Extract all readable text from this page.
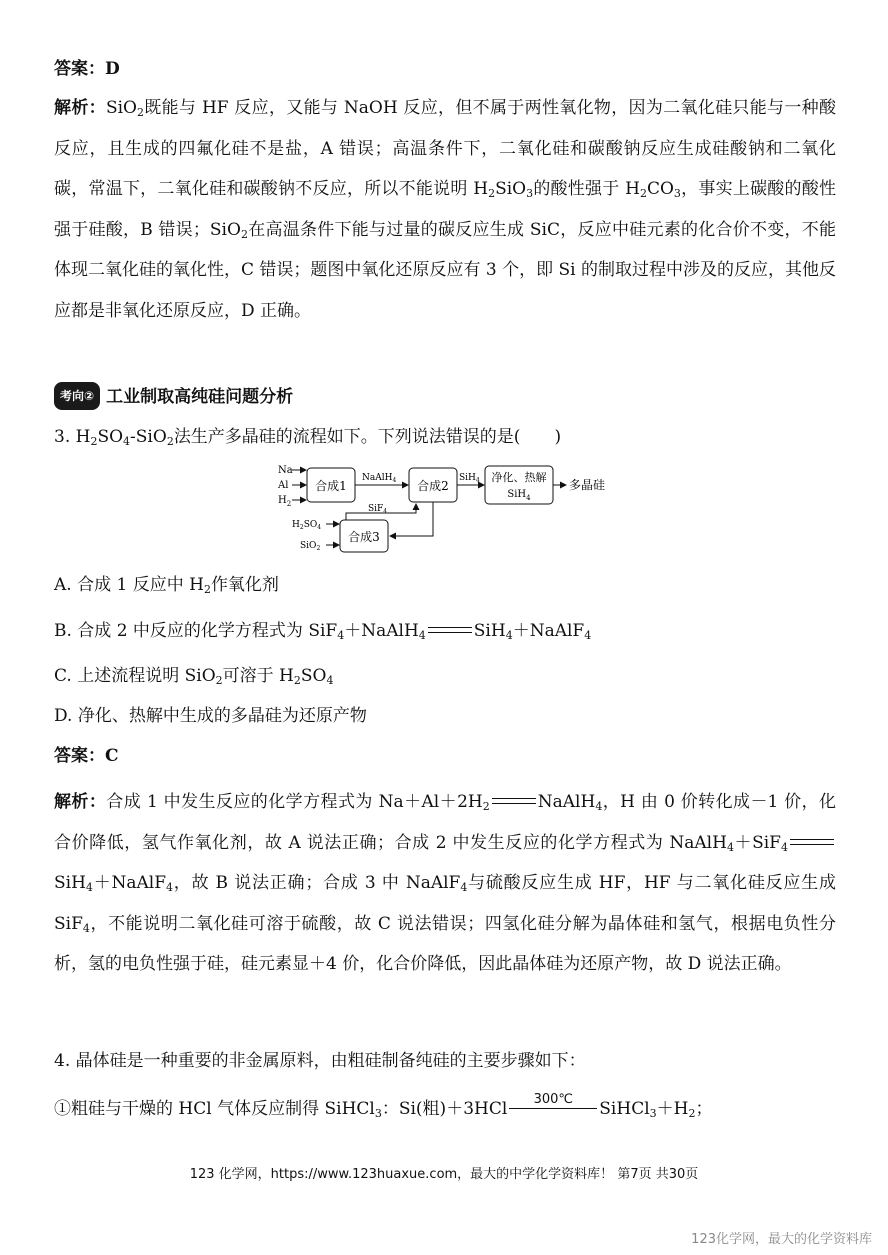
答案：D
解析：SiO$_2$既能与 HF 反应，又能与 NaOH 反应，但不属于两性氧化物，因为二氧化硅只能与一种酸反应，且生成的四氟化硅不是盐，A 错误；高温条件下，二氧化硅和碳酸钠反应生成硅酸钠和二氧化碳，常温下，二氧化硅和碳酸钠不反应，所以不能说明 $H_2SiO_3$的酸性强于 $H_2CO_3$，事实上碳酸的酸性强于硅酸，B 错误；SiO$_2$在高温条件下能与过量的碳反应生成 SiC，反应中硅元素的化合价不变，不能体现二氧化硅的氧化性，C 错误；题图中氧化还原反应有 3 个，即 Si 的制取过程中涉及的反应，其他反应都是非氧化还原反应，D 正确。
考向② 工业制取高纯硅问题分析
3. $H_2SO_4-SiO_2$法生产多晶硅的流程如下。下列说法错误的是(　　)
Na
Al
$H_2$
合成1
NaAlH$_4$ 合成2
SiH$_4$ 净化、热解
SiH$_4$
多晶硅
$H_2SO_4$
SiO$_2$
合成3
SiF$_4$
A. 合成 1 反应中 $H_2$作氧化剂
B. 合成 2 中反应的化学方程式为 SiF$_4$＋NaAlH$_4$	SiH$_4$＋NaAlF$_4$
C. 上述流程说明 SiO$_2$可溶于 $H_2SO_4$
D. 净化、热解中生成的多晶硅为还原产物
答案：C
解析：合成 1 中发生反应的化学方程式为 $Na+Al+2H_2$	NaAlH$_4$，H 由 0 价转化成－1 价，化合价降低，氢气作氧化剂，故 A 说法正确；合成 2 中发生反应的化学方程式为 NaAlH$_4$＋SiF$_4$SiH$_4$＋NaAlF$_4$，故 B 说法正确；合成 3 中 NaAlF$_4$与硫酸反应生成 HF，HF 与二氧化硅反应生成 SiF$_4$，不能说明二氧化硅可溶于硫酸，故 C 说法错误；四氢化硅分解为晶体硅和氢气，根据电负性分析，氢的电负性强于硅，硅元素显＋4 价，化合价降低，因此晶体硅为还原产物，故 D 说法正确。
4. 晶体硅是一种重要的非金属原料，由粗硅制备纯硅的主要步骤如下：
①粗硅与干燥的 HCl 气体反应制得 SiHCl$_3$：Si(粗)＋3HCl	300℃	$SiHCl_3+H_2$；
123 化学网，https://www.123huaxue.com，最大的中学化学资料库！ 第7页 共30页
123化学网，最大的化学资料库
